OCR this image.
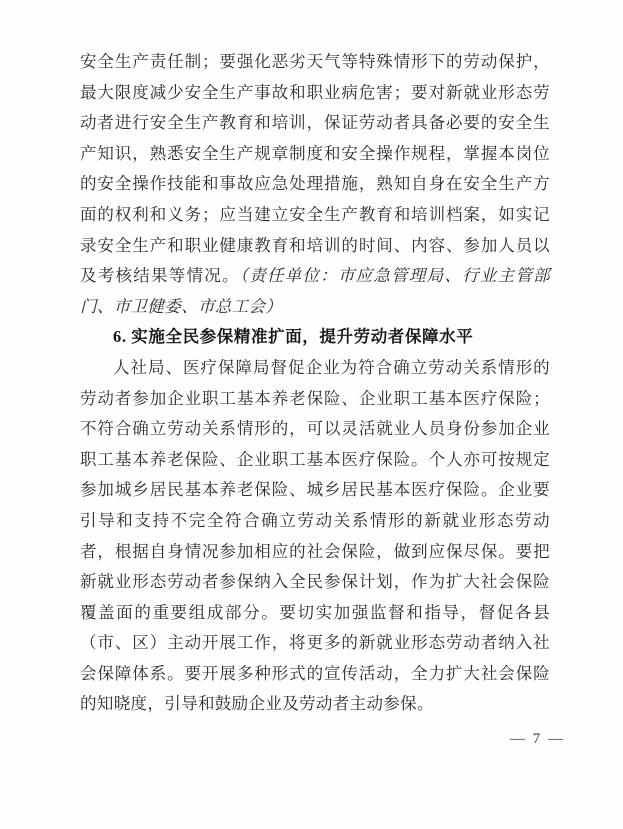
安全生产责任制；要强化恶劣天气等特殊情形下的劳动保护，最大限度减少安全生产事故和职业病危害；要对新就业形态劳动者进行安全生产教育和培训，保证劳动者具备必要的安全生产知识，熟悉安全生产规章制度和安全操作规程，掌握本岗位的安全操作技能和事故应急处理措施，熟知自身在安全生产方面的权利和义务；应当建立安全生产教育和培训档案，如实记录安全生产和职业健康教育和培训的时间、内容、参加人员以及考核结果等情况。（责任单位：市应急管理局、行业主管部门、市卫健委、市总工会）

6. 实施全民参保精准扩面，提升劳动者保障水平

人社局、医疗保障局督促企业为符合确立劳动关系情形的劳动者参加企业职工基本养老保险、企业职工基本医疗保险；不符合确立劳动关系情形的，可以灵活就业人员身份参加企业职工基本养老保险、企业职工基本医疗保险。个人亦可按规定参加城乡居民基本养老保险、城乡居民基本医疗保险。企业要引导和支持不完全符合确立劳动关系情形的新就业形态劳动者，根据自身情况参加相应的社会保险，做到应保尽保。要把新就业形态劳动者参保纳入全民参保计划，作为扩大社会保险覆盖面的重要组成部分。要切实加强监督和指导，督促各县（市、区）主动开展工作，将更多的新就业形态劳动者纳入社会保障体系。要开展多种形式的宣传活动，全力扩大社会保险的知晓度，引导和鼓励企业及劳动者主动参保。

— 7 —
